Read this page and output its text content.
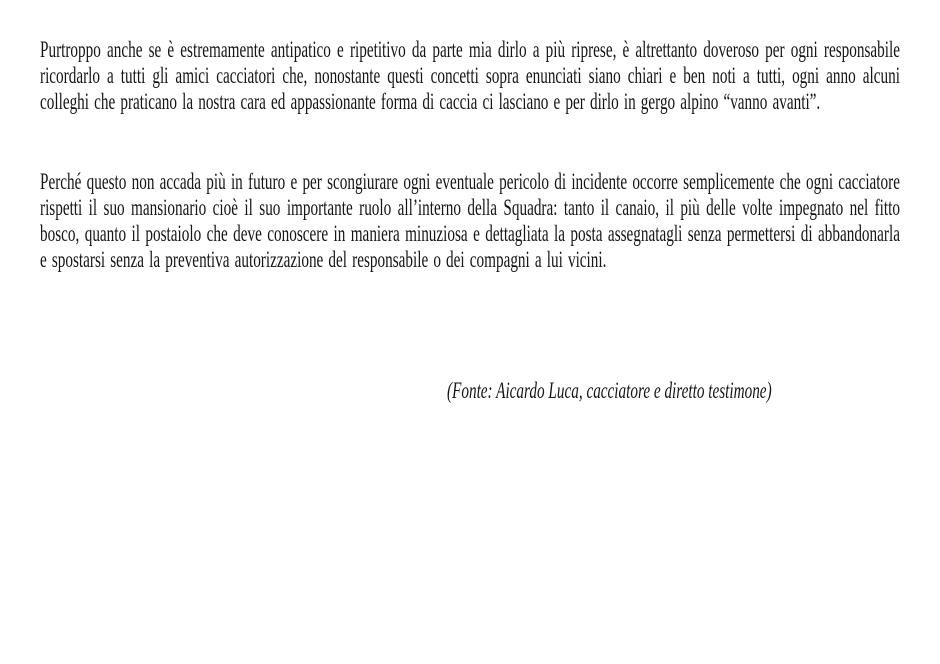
Purtroppo anche se è estremamente antipatico e ripetitivo da parte mia dirlo a più riprese, è altrettanto doveroso per ogni responsabile ricordarlo a tutti gli amici cacciatori che, nonostante questi concetti sopra enunciati siano chiari e ben noti a tutti, ogni anno alcuni colleghi che praticano la nostra cara ed appassionante forma di caccia ci lasciano e per dirlo in gergo alpino “vanno avanti”.
Perché questo non accada più in futuro e per scongiurare ogni eventuale pericolo di incidente occorre semplicemente che ogni cacciatore rispetti il suo mansionario cioè il suo importante ruolo all’interno della Squadra: tanto il canaio, il più delle volte impegnato nel fitto bosco, quanto il postaiolo che deve conoscere in maniera minuziosa e dettagliata la posta assegnatagli senza permettersi di abbandonarla e spostarsi senza la preventiva autorizzazione del responsabile o dei compagni a lui vicini.
(Fonte: Aicardo Luca, cacciatore e diretto testimone)
